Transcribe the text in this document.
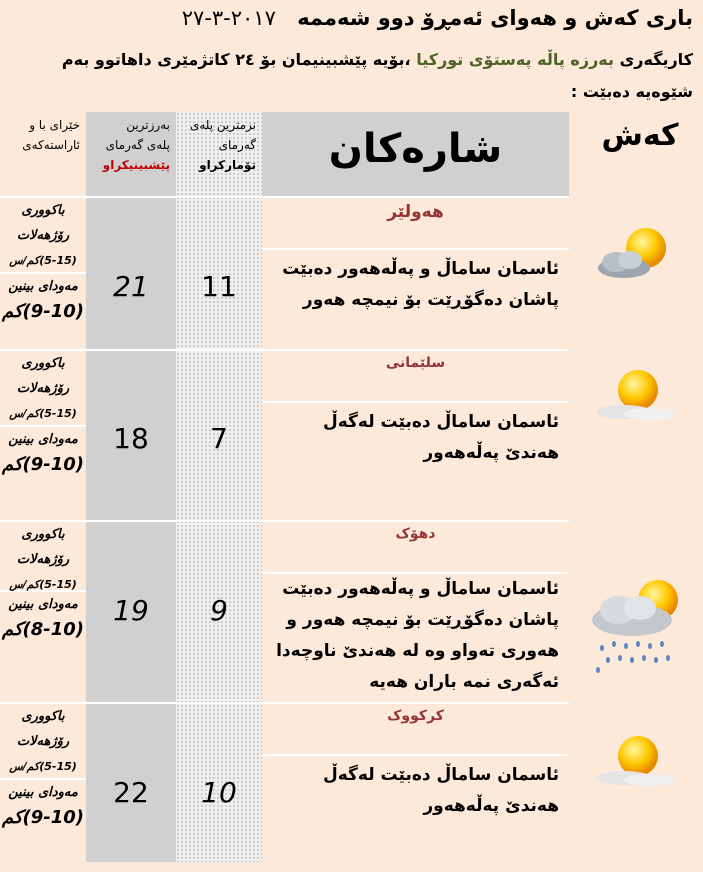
باری کەش و هەوای ئەمڕۆ دوو شەممە ٢٠١٧-٣-٢٧
کاریگەری بەرزە پاڵە پەستۆی تورکیا ،بۆیە پێشبینیمان بۆ ٢٤ کاتژمێری داهاتوو بەم شێوەیە دەبێت :
کەش
شارەکان
نزمترین پلەی
گەرمای
تۆمارکراو
بەرزترین
پلەی گەرمای
پێشبینیکراو
خێرای با و
ئاراستەکەی
هەولێر
ئاسمان ساماڵ و پەڵەهەور دەبێت پاشان دەگۆڕێت بۆ نیمچە هەور
11
21
باکووری رۆژهەلات
(5-15)کم/س
مەودای بینین
(9-10)کم
سلێمانی
ئاسمان ساماڵ دەبێت لەگەڵ هەندێ پەڵەهەور
7
18
باکووری رۆژهەلات
(5-15)کم/س
مەودای بینین
(9-10)کم
دهۆک
ئاسمان ساماڵ و پەڵەهەور دەبێت پاشان دەگۆڕێت بۆ نیمچە هەور و هەوری تەواو وە لە هەندێ ناوچەدا ئەگەری نمە باران هەیە
9
19
باکووری رۆژهەلات
(5-15)کم/س
مەودای بینین
(8-10)کم
کرکووک
ئاسمان ساماڵ دەبێت لەگەڵ هەندێ پەڵەهەور
10
22
باکووری رۆژهەلات
(5-15)کم/س
مەودای بینین
(9-10)کم
